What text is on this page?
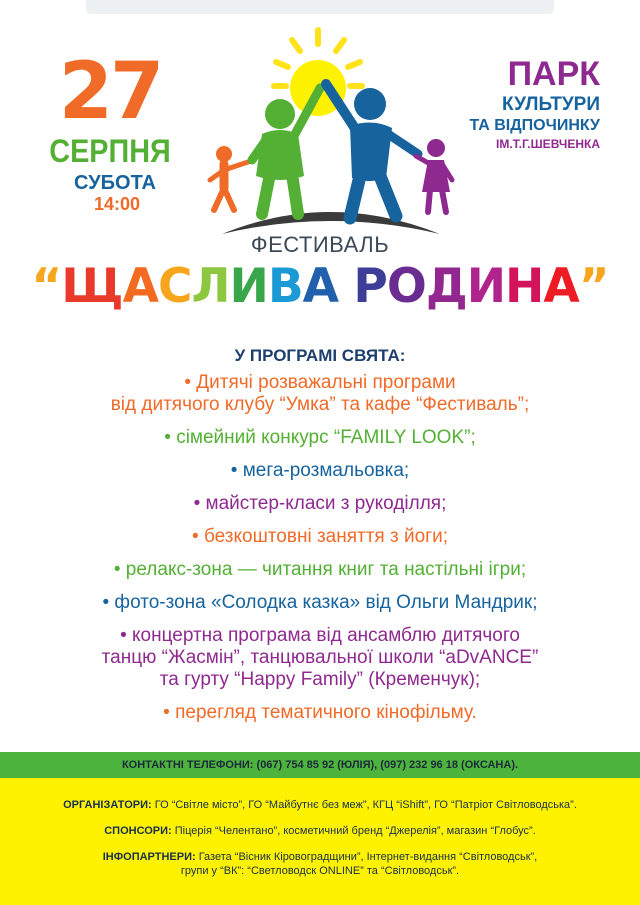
27
СЕРПНЯ
СУБОТА
14:00
ПАРК
КУЛЬТУРИ
ТА ВІДПОЧИНКУ
ІМ.Т.Г.ШЕВЧЕНКА
ФЕСТИВАЛЬ
“ЩАСЛИВА РОДИНА”
У ПРОГРАМІ СВЯТА:
• Дитячі розважальні програми
від дитячого клубу “Умка” та кафе “Фестиваль”;
• сімейний конкурс “FAMILY LOOK”;
• мега-розмальовка;
• майстер-класи з рукоділля;
• безкоштовні заняття з йоги;
• релакс-зона — читання книг та настільні ігри;
• фото-зона «Солодка казка» від Ольги Мандрик;
• концертна програма від ансамблю дитячого
танцю “Жасмін”, танцювальної школи “aDvANCE”
та гурту “Happy Family” (Кременчук);
• перегляд тематичного кінофільму.
КОНТАКТНІ ТЕЛЕФОНИ: (067) 754 85 92 (ЮЛІЯ), (097) 232 96 18 (ОКСАНА).

ОРГАНІЗАТОРИ: ГО “Світле місто”, ГО “Майбутнє без меж”, КГЦ “iShift”, ГО “Патріот Світловодська”.

СПОНСОРИ: Піцерія “Челентано”, косметичний бренд “Джерелія”, магазин “Глобус”.

ІНФОПАРТНЕРИ: Газета “Вісник Кіровоградщини”, Інтернет-видання “Світловодськ”,
групи у “ВК”: “Светловодск ONLINE” та “Світловодськ”.
